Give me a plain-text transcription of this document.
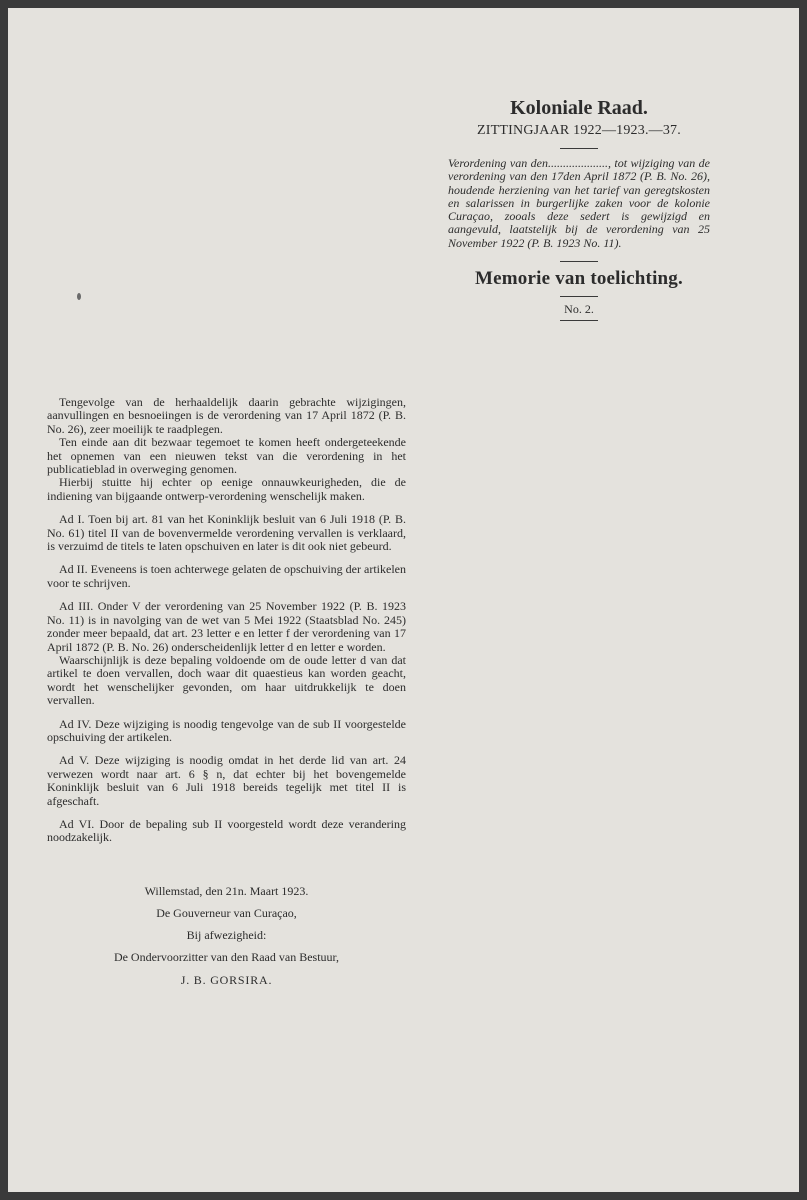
Koloniale Raad.
ZITTINGJAAR 1922—1923.—37.

Verordening van den...................., tot wijziging van de verordening van den 17den April 1872 (P. B. No. 26), houdende herziening van het tarief van geregtskosten en salarissen in burgerlijke zaken voor de kolonie Curaçao, zooals deze sedert is gewijzigd en aangevuld, laatstelijk bij de verordening van 25 November 1922 (P. B. 1923 No. 11).

Memorie van toelichting.
No. 2.

Tengevolge van de herhaaldelijk daarin gebrachte wijzigingen, aanvullingen en besnoeiingen is de verordening van 17 April 1872 (P. B. No. 26), zeer moeilijk te raadplegen.

Ten einde aan dit bezwaar tegemoet te komen heeft ondergeteekende het opnemen van een nieuwen tekst van die verordening in het publicatieblad in overweging genomen.

Hierbij stuitte hij echter op eenige onnauwkeurigheden, die de indiening van bijgaande ontwerp-verordening wenschelijk maken.

Ad I. Toen bij art. 81 van het Koninklijk besluit van 6 Juli 1918 (P. B. No. 61) titel II van de bovenvermelde verordening vervallen is verklaard, is verzuimd de titels te laten opschuiven en later is dit ook niet gebeurd.

Ad II. Eveneens is toen achterwege gelaten de opschuiving der artikelen voor te schrijven.

Ad III. Onder V der verordening van 25 November 1922 (P. B. 1923 No. 11) is in navolging van de wet van 5 Mei 1922 (Staatsblad No. 245) zonder meer bepaald, dat art. 23 letter e en letter f der verordening van 17 April 1872 (P. B. No. 26) onderscheidenlijk letter d en letter e worden.

Waarschijnlijk is deze bepaling voldoende om de oude letter d van dat artikel te doen vervallen, doch waar dit quaestieus kan worden geacht, wordt het wenschelijker gevonden, om haar uitdrukkelijk te doen vervallen.

Ad IV. Deze wijziging is noodig tengevolge van de sub II voorgestelde opschuiving der artikelen.

Ad V. Deze wijziging is noodig omdat in het derde lid van art. 24 verwezen wordt naar art. 6 § n, dat echter bij het bovengemelde Koninklijk besluit van 6 Juli 1918 bereids tegelijk met titel II is afgeschaft.

Ad VI. Door de bepaling sub II voorgesteld wordt deze verandering noodzakelijk.

Willemstad, den 21n. Maart 1923.
De Gouverneur van Curaçao,
Bij afwezigheid:
De Ondervoorzitter van den Raad van Bestuur,
J. B. GORSIRA.
